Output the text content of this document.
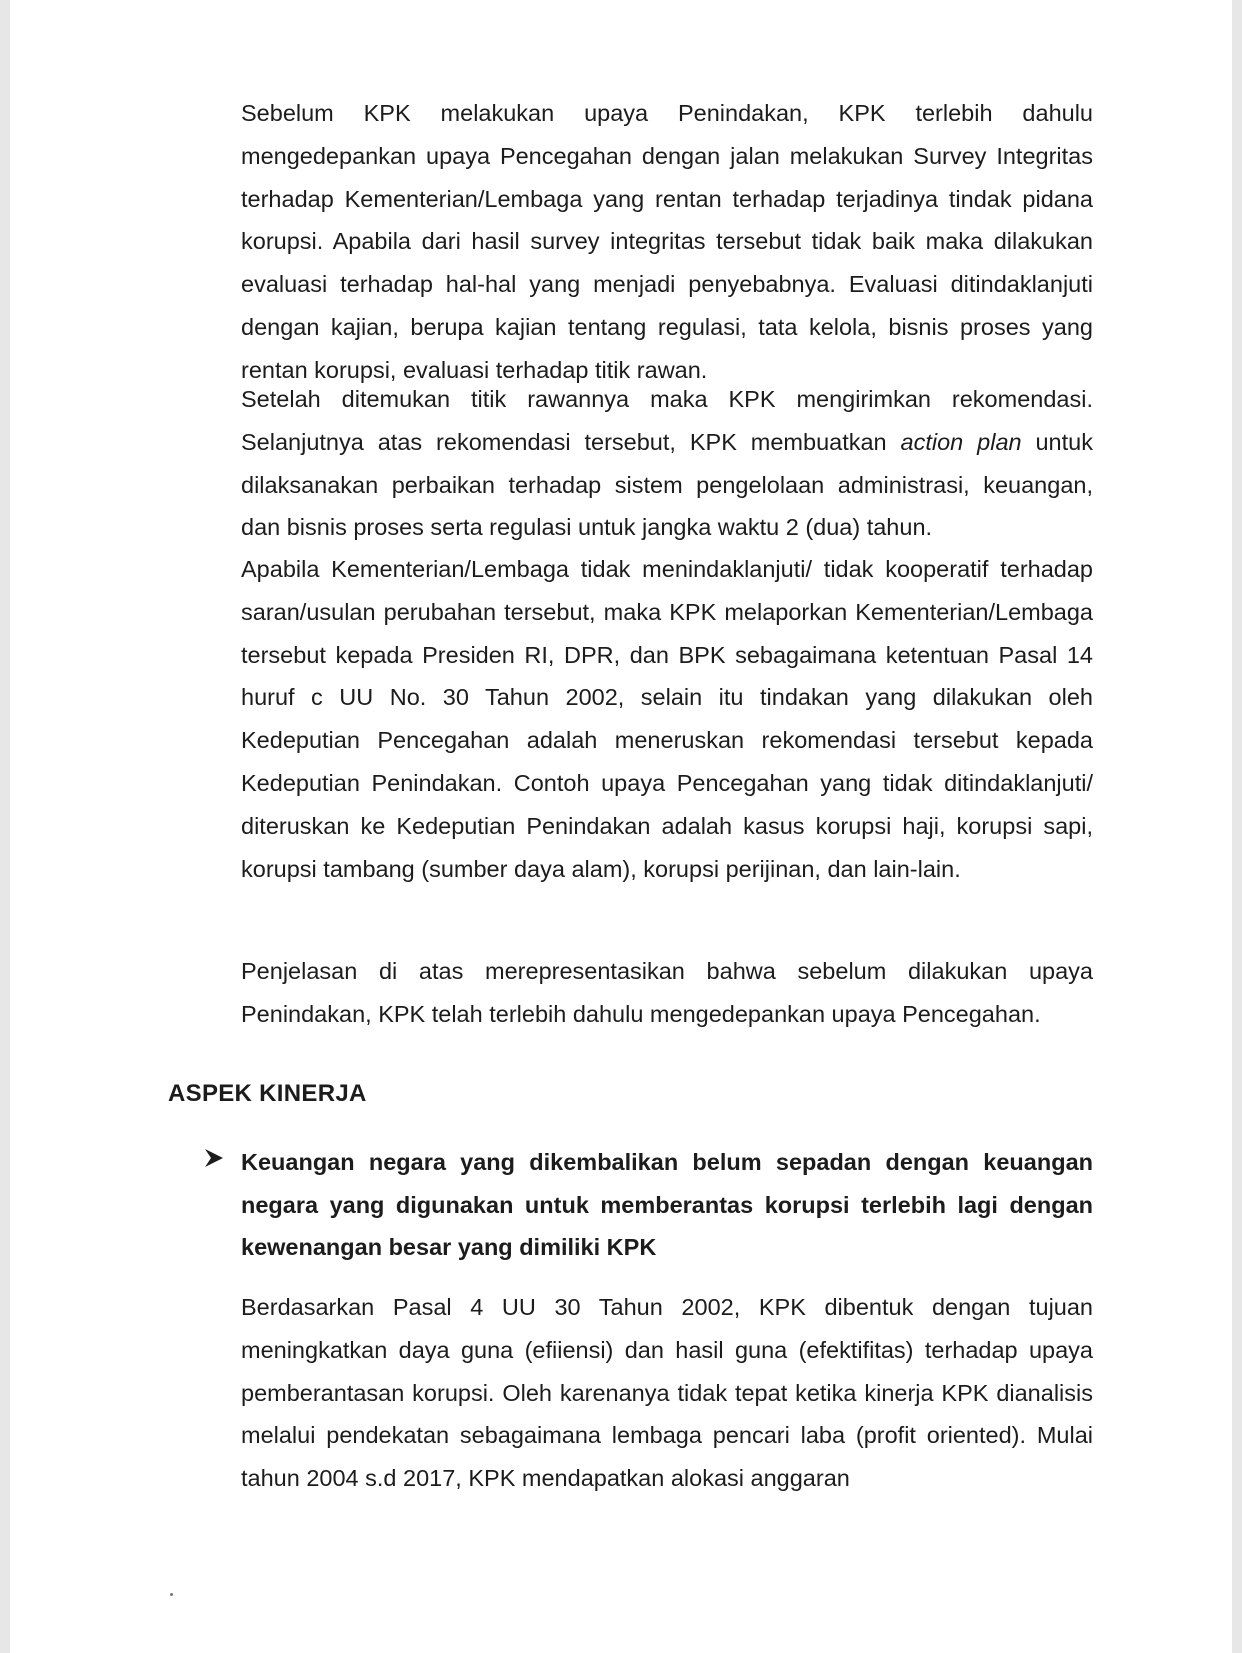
Sebelum KPK melakukan upaya Penindakan, KPK terlebih dahulu mengedepankan upaya Pencegahan dengan jalan melakukan Survey Integritas terhadap Kementerian/Lembaga yang rentan terhadap terjadinya tindak pidana korupsi. Apabila dari hasil survey integritas tersebut tidak baik maka dilakukan evaluasi terhadap hal-hal yang menjadi penyebabnya. Evaluasi ditindaklanjuti dengan kajian, berupa kajian tentang regulasi, tata kelola, bisnis proses yang rentan korupsi, evaluasi terhadap titik rawan.

Setelah ditemukan titik rawannya maka KPK mengirimkan rekomendasi. Selanjutnya atas rekomendasi tersebut, KPK membuatkan action plan untuk dilaksanakan perbaikan terhadap sistem pengelolaan administrasi, keuangan, dan bisnis proses serta regulasi untuk jangka waktu 2 (dua) tahun.

Apabila Kementerian/Lembaga tidak menindaklanjuti/ tidak kooperatif terhadap saran/usulan perubahan tersebut, maka KPK melaporkan Kementerian/Lembaga tersebut kepada Presiden RI, DPR, dan BPK sebagaimana ketentuan Pasal 14 huruf c UU No. 30 Tahun 2002, selain itu tindakan yang dilakukan oleh Kedeputian Pencegahan adalah meneruskan rekomendasi tersebut kepada Kedeputian Penindakan. Contoh upaya Pencegahan yang tidak ditindaklanjuti/ diteruskan ke Kedeputian Penindakan adalah kasus korupsi haji, korupsi sapi, korupsi tambang (sumber daya alam), korupsi perijinan, dan lain-lain.

Penjelasan di atas merepresentasikan bahwa sebelum dilakukan upaya Penindakan, KPK telah terlebih dahulu mengedepankan upaya Pencegahan.

ASPEK KINERJA

Keuangan negara yang dikembalikan belum sepadan dengan keuangan negara yang digunakan untuk memberantas korupsi terlebih lagi dengan kewenangan besar yang dimiliki KPK

Berdasarkan Pasal 4 UU 30 Tahun 2002, KPK dibentuk dengan tujuan meningkatkan daya guna (efiiensi) dan hasil guna (efektifitas) terhadap upaya pemberantasan korupsi. Oleh karenanya tidak tepat ketika kinerja KPK dianalisis melalui pendekatan sebagaimana lembaga pencari laba (profit oriented). Mulai tahun 2004 s.d 2017, KPK mendapatkan alokasi anggaran
